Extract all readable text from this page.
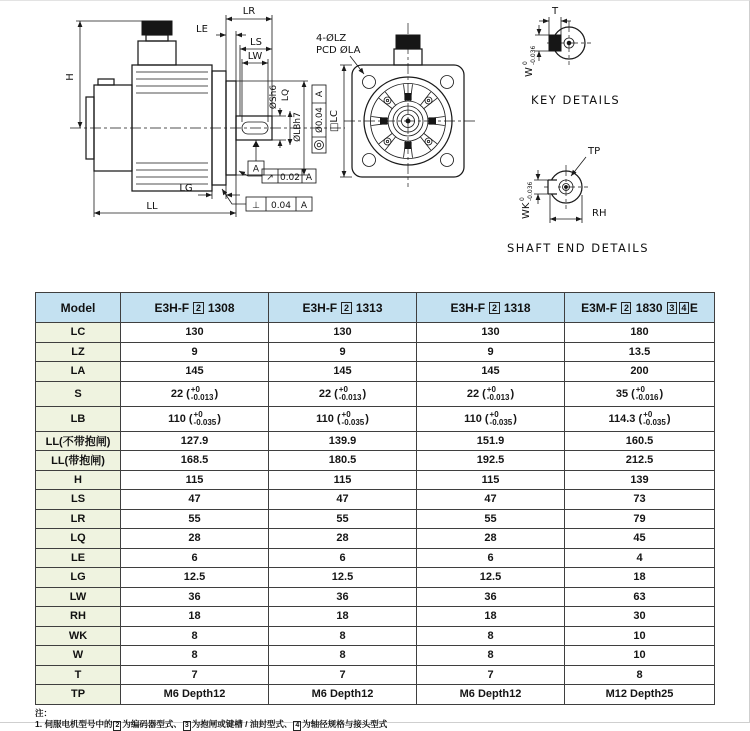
H
LR
LE
LS
LW
ØSh6 LQ
ØLBh7
LG
LL
A
A
Ø0.04
↗ 0.02 A
⊥ 0.04 A
4-ØLZ
PCD ØLA
□LC
T
W
0 -0.036
KEY DETAILS
TP
RH
WK
0 -0.036
SHAFT END DETAILS
Model	E3H-F 2 1308	E3H-F 2 1313	E3H-F 2 1318	E3M-F 2 1830 3 4 E
LC	130	130	130	180
LZ	9	9	9	13.5
LA	145	145	145	200
S	22 ( +0
-0.013 )	22 ( +0
-0.013 )	22 ( +0
-0.013 )	35 ( +0
-0.016 )
LB	110 ( +0
-0.035 )	110 ( +0
-0.035 )	110 ( +0
-0.035 )	114.3 ( +0
-0.035 )
LL(不带抱闸)	127.9	139.9	151.9	160.5
LL(带抱闸)	168.5	180.5	192.5	212.5
H	115	115	115	139
LS	47	47	47	73
LR	55	55	55	79
LQ	28	28	28	45
LE	6	6	6	4
LG	12.5	12.5	12.5	18
LW	36	36	36	63
RH	18	18	18	30
WK	8	8	8	10
W	8	8	8	10
T	7	7	7	8
TP	M6 Depth12	M6 Depth12	M6 Depth12	M12 Depth25
注：
1. 伺服电机型号中的 2 为编码器型式、 3 为抱闸或键槽 / 油封型式、 4 为轴径规格与接头型式
